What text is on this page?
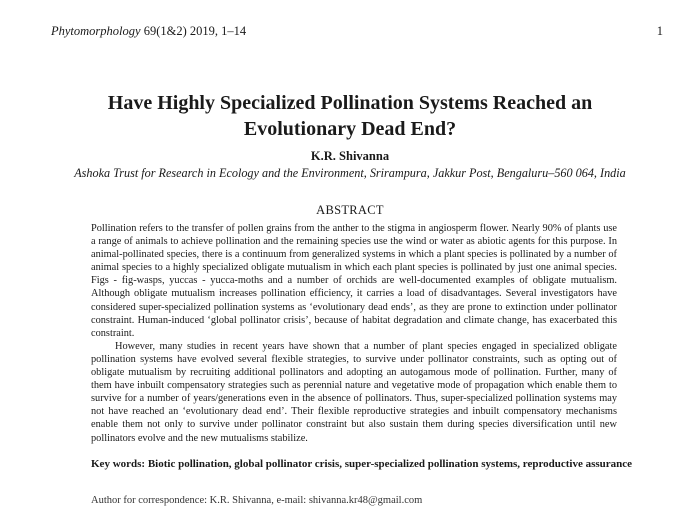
Phytomorphology 69(1&2) 2019, 1–14	1
Have Highly Specialized Pollination Systems Reached an Evolutionary Dead End?
K.R. Shivanna
Ashoka Trust for Research in Ecology and the Environment, Srirampura, Jakkur Post, Bengaluru–560 064, India
ABSTRACT

Pollination refers to the transfer of pollen grains from the anther to the stigma in angiosperm flower. Nearly 90% of plants use a range of animals to achieve pollination and the remaining species use the wind or water as abiotic agents for this purpose. In animal-pollinated species, there is a continuum from generalized systems in which a plant species is pollinated by a number of animal species to a highly specialized obligate mutualism in which each plant species is pollinated by just one animal species. Figs - fig-wasps, yuccas - yucca-moths and a number of orchids are well-documented examples of obligate mutualism. Although obligate mutualism increases pollination efficiency, it carries a load of disadvantages. Several investigators have considered super-specialized pollination systems as ‘evolutionary dead ends’, as they are prone to extinction under pollinator constraint. Human-induced ‘global pollinator crisis’, because of habitat degradation and climate change, has exacerbated this constraint.

However, many studies in recent years have shown that a number of plant species engaged in specialized obligate pollination systems have evolved several flexible strategies, to survive under pollinator constraints, such as opting out of obligate mutualism by recruiting additional pollinators and adopting an autogamous mode of pollination. Further, many of them have inbuilt compensatory strategies such as perennial nature and vegetative mode of propagation which enable them to survive for a number of years/generations even in the absence of pollinators. Thus, super-specialized pollination systems may not have reached an ‘evolutionary dead end’. Their flexible reproductive strategies and inbuilt compensatory mechanisms enable them not only to survive under pollinator constraint but also sustain them during species diversification until new pollinators evolve and the new mutualisms stabilize.

Key words: Biotic pollination, global pollinator crisis, super-specialized pollination systems, reproductive assurance
Author for correspondence: K.R. Shivanna, e-mail: shivanna.kr48@gmail.com
